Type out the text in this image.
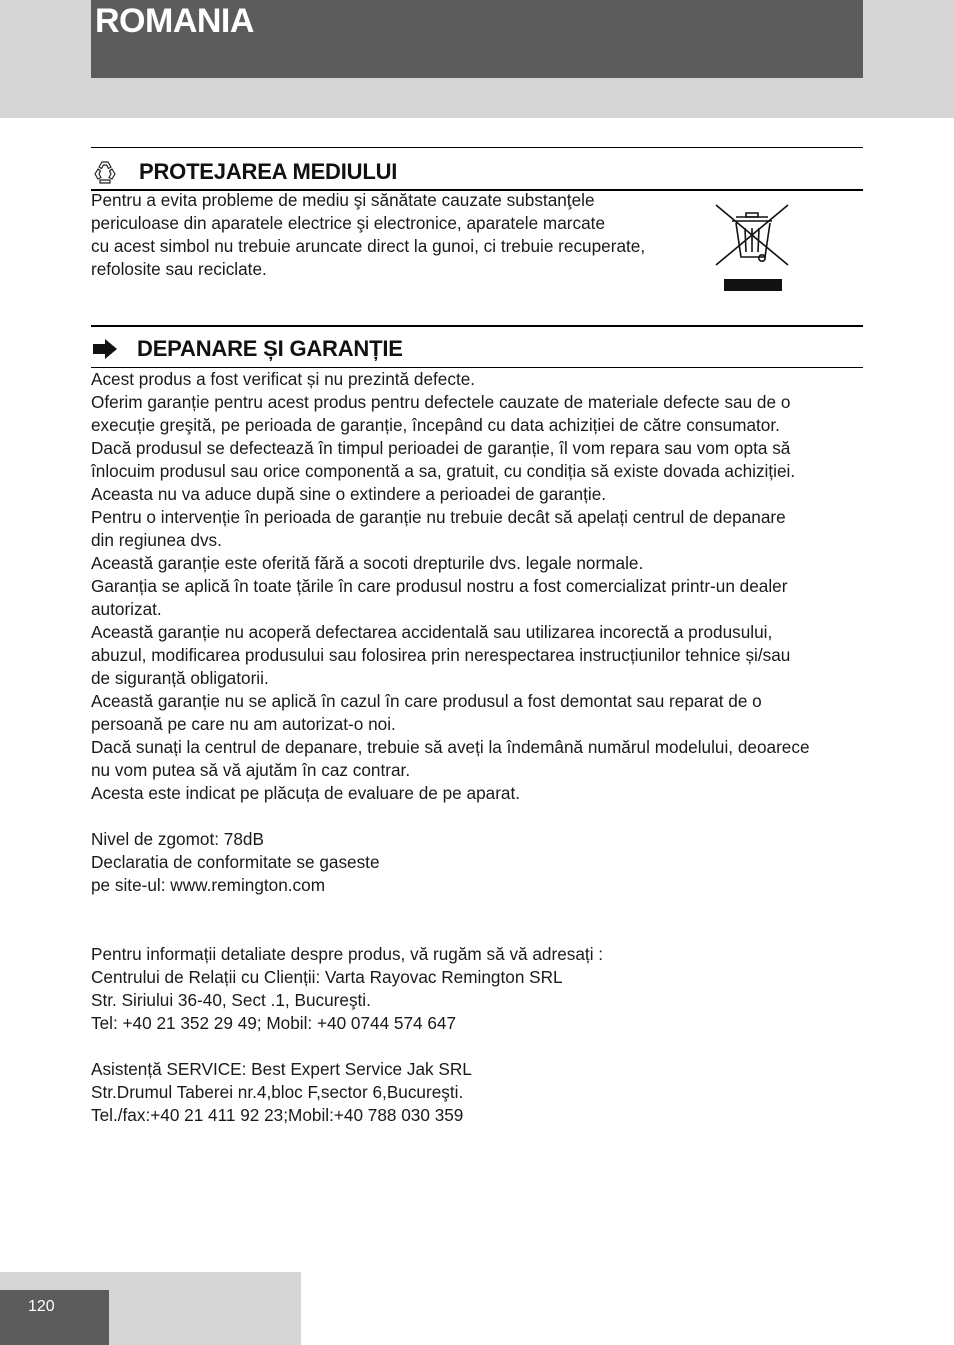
ROMANIA
PROTEJAREA MEDIULUI

Pentru a evita probleme de mediu şi sănătate cauzate substanţele

periculoase din aparatele electrice şi electronice, aparatele marcate

cu acest simbol nu trebuie aruncate direct la gunoi, ci trebuie recuperate,

refolosite sau reciclate.

DEPANARE ȘI GARANȚIE

Acest produs a fost verificat și nu prezintă defecte.

Oferim garanție pentru acest produs pentru defectele cauzate de materiale defecte sau de o

execuție greşită, pe perioada de garanție, începând cu data achiziției de către consumator.

Dacă produsul se defectează în timpul perioadei de garanție, îl vom repara sau vom opta să

înlocuim produsul sau orice componentă a sa, gratuit, cu condiția să existe dovada achiziției.

Aceasta nu va aduce după sine o extindere a perioadei de garanție.

Pentru o intervenție în perioada de garanție nu trebuie decât să apelați centrul de depanare

din regiunea dvs.

Această garanție este oferită fără a socoti drepturile dvs. legale normale.

Garanția se aplică în toate țările în care produsul nostru a fost comercializat printr-un dealer

autorizat.

Această garanție nu acoperă defectarea accidentală sau utilizarea incorectă a produsului,

abuzul, modificarea produsului sau folosirea prin nerespectarea instrucțiunilor tehnice și/sau

de siguranță obligatorii.

Această garanție nu se aplică în cazul în care produsul a fost demontat sau reparat de o

persoană pe care nu am autorizat-o noi.

Dacă sunați la centrul de depanare, trebuie să aveți la îndemână numărul modelului, deoarece

nu vom putea să vă ajutăm în caz contrar.

Acesta este indicat pe plăcuța de evaluare de pe aparat.

Nivel de zgomot: 78dB

Declaratia de conformitate se gaseste

pe site-ul: www.remington.com

Pentru informații detaliate despre produs, vă rugăm să vă adresați :

Centrului de Relații cu Clienții: Varta Rayovac Remington SRL

Str. Siriului 36-40, Sect .1, Bucureşti.

Tel: +40 21 352 29 49; Mobil: +40 0744 574 647

Asistență SERVICE: Best Expert Service Jak SRL

Str.Drumul Taberei nr.4,bloc F,sector 6,Bucureşti.

Tel./fax:+40 21 411 92 23;Mobil:+40 788 030 359

120
